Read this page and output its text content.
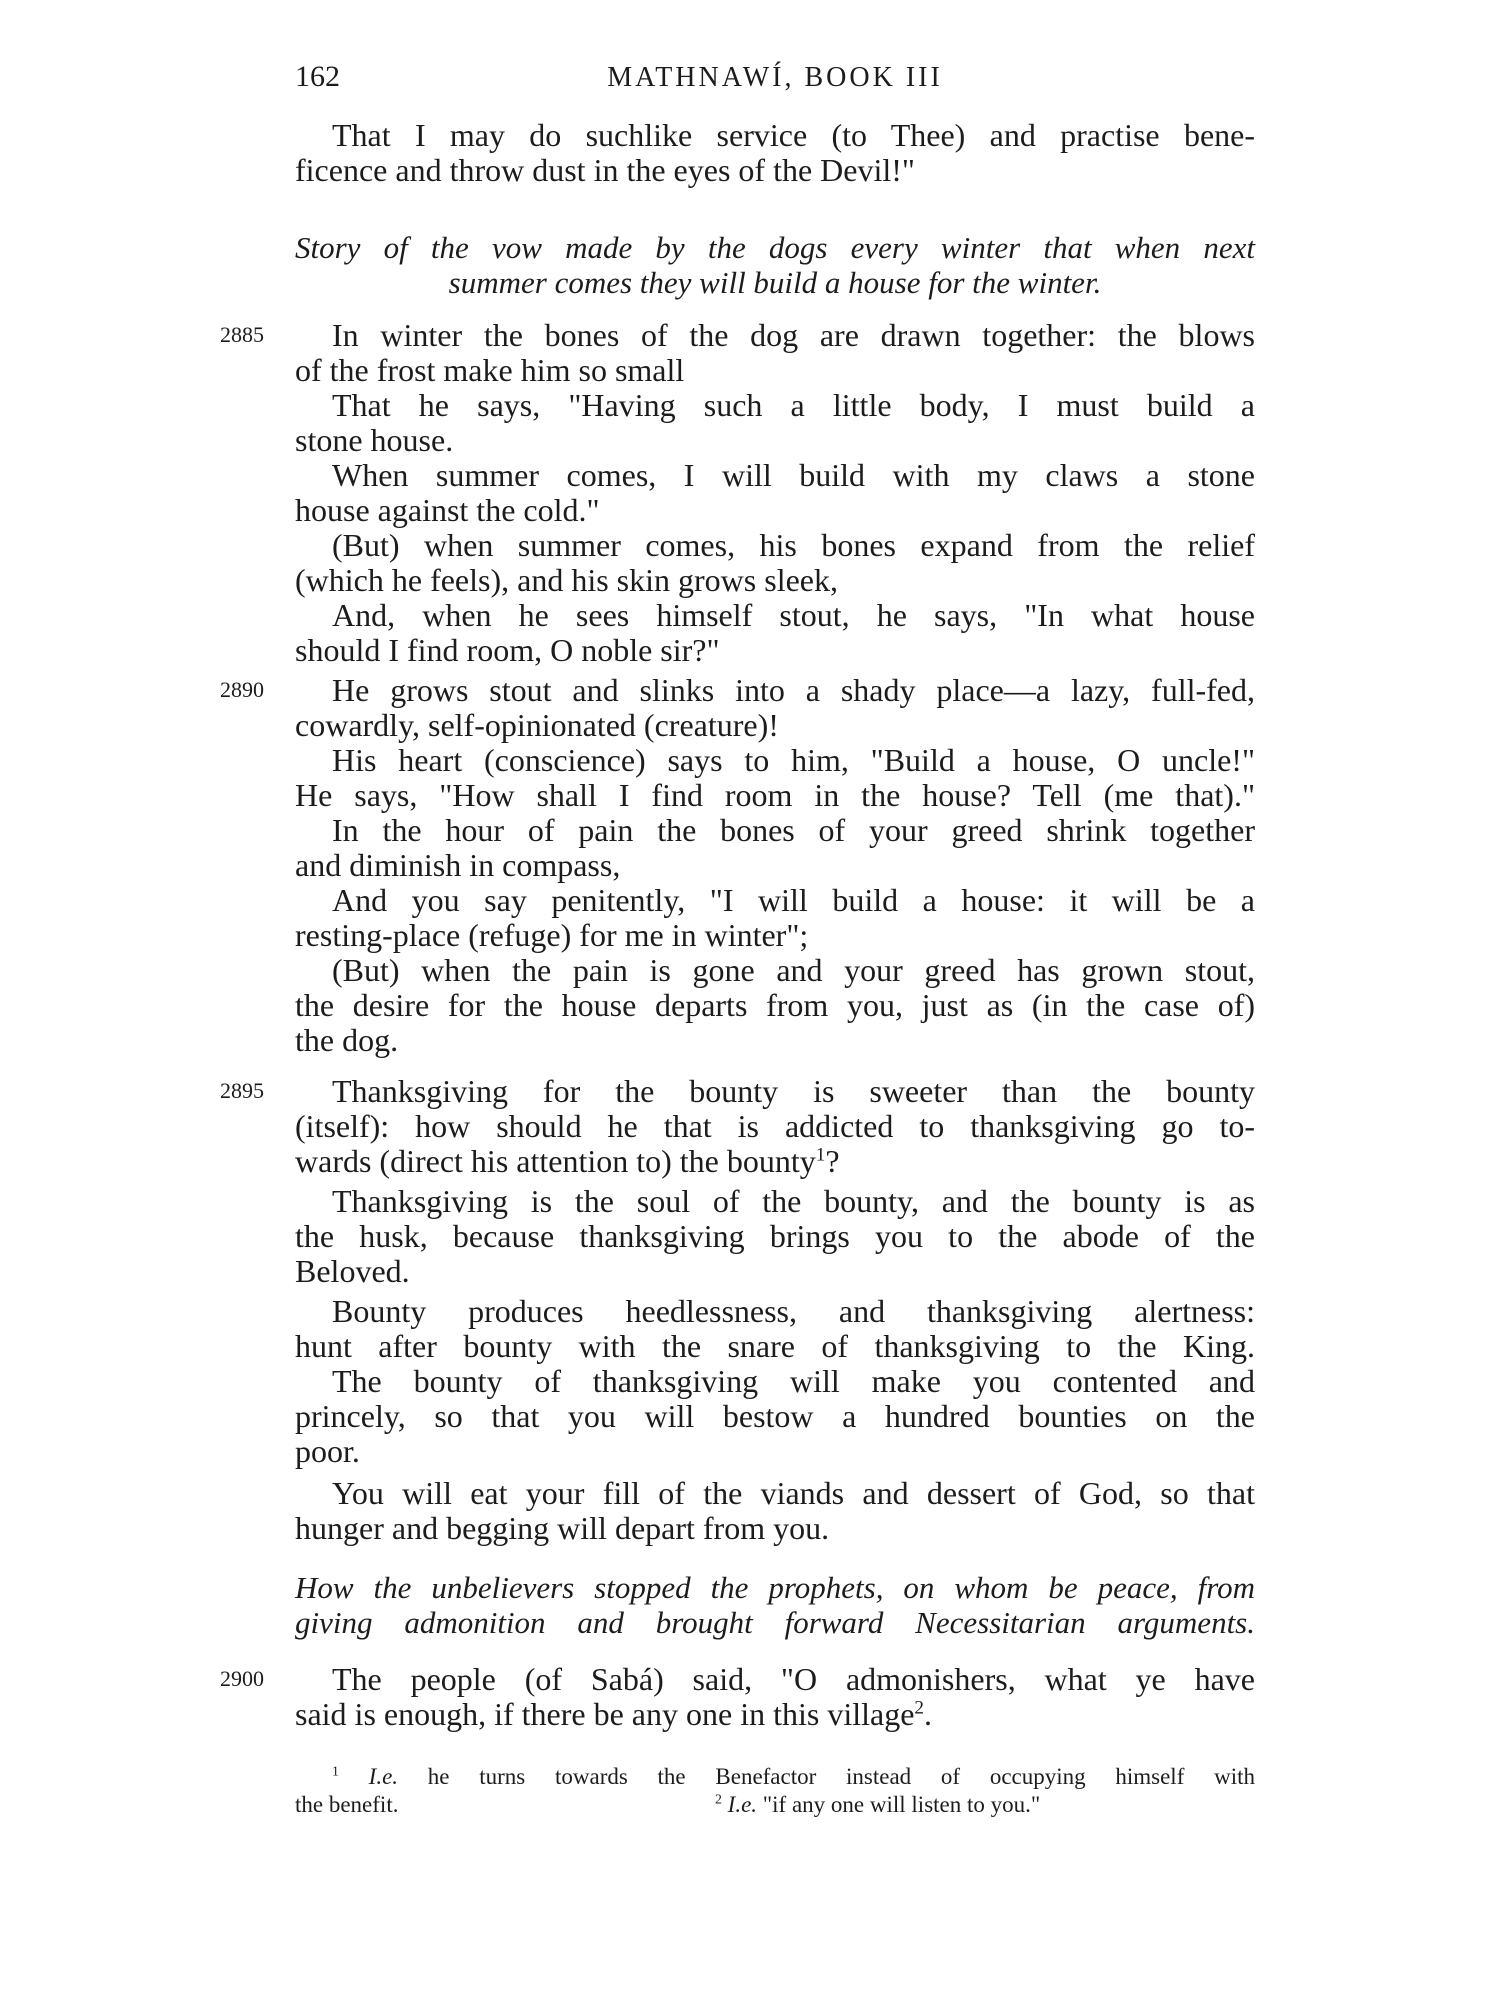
162	MATHNAWÍ, BOOK III
That I may do suchlike service (to Thee) and practise bene-
ficence and throw dust in the eyes of the Devil!"
Story of the vow made by the dogs every winter that when next
summer comes they will build a house for the winter.
2885
2890
2895
2900
In winter the bones of the dog are drawn together: the blows
of the frost make him so small
That he says, "Having such a little body, I must build a
stone house.
When summer comes, I will build with my claws a stone
house against the cold."
(But) when summer comes, his bones expand from the relief
(which he feels), and his skin grows sleek,
And, when he sees himself stout, he says, "In what house
should I find room, O noble sir?"
He grows stout and slinks into a shady place—a lazy, full-fed,
cowardly, self-opinionated (creature)!
His heart (conscience) says to him, "Build a house, O uncle!"
He says, "How shall I find room in the house? Tell (me that)."
In the hour of pain the bones of your greed shrink together
and diminish in compass,
And you say penitently, "I will build a house: it will be a
resting-place (refuge) for me in winter";
(But) when the pain is gone and your greed has grown stout,
the desire for the house departs from you, just as (in the case of)
the dog.
Thanksgiving for the bounty is sweeter than the bounty
(itself): how should he that is addicted to thanksgiving go to-
wards (direct his attention to) the bounty$^1$?
Thanksgiving is the soul of the bounty, and the bounty is as
the husk, because thanksgiving brings you to the abode of the
Beloved.
Bounty produces heedlessness, and thanksgiving alertness:
hunt after bounty with the snare of thanksgiving to the King.
The bounty of thanksgiving will make you contented and
princely, so that you will bestow a hundred bounties on the
poor.
You will eat your fill of the viands and dessert of God, so that
hunger and begging will depart from you.
How the unbelievers stopped the prophets, on whom be peace, from
giving admonition and brought forward Necessitarian arguments.
The people (of Sabá) said, "O admonishers, what ye have
said is enough, if there be any one in this village$^2$.
$^1$ I.e. he turns towards the Benefactor instead of occupying himself with
the benefit.	$^2$ I.e. "if any one will listen to you."
